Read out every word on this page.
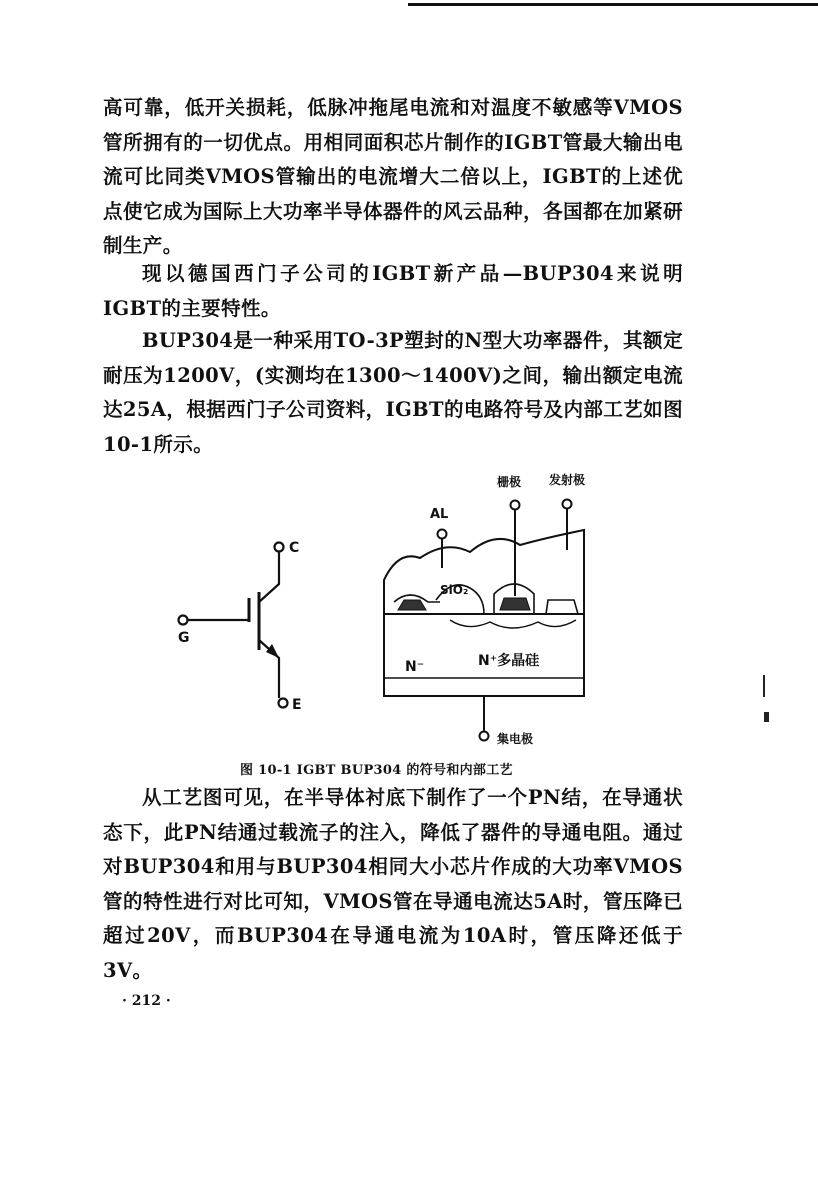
高可靠，低开关损耗，低脉冲拖尾电流和对温度不敏感等VMOS管所拥有的一切优点。用相同面积芯片制作的IGBT管最大输出电流可比同类VMOS管输出的电流增大二倍以上，IGBT的上述优点使它成为国际上大功率半导体器件的风云品种，各国都在加紧研制生产。

现以德国西门子公司的IGBT新产品—BUP304来说明IGBT的主要特性。

BUP304是一种采用TO-3P塑封的N型大功率器件，其额定耐压为1200V，(实测均在1300～1400V)之间，输出额定电流达25A，根据西门子公司资料，IGBT的电路符号及内部工艺如图10-1所示。

C
G
E
AL
栅极 发射极
SiO₂
N⁻	N⁺多晶硅
集电极

图 10-1 IGBT BUP304 的符号和内部工艺

从工艺图可见，在半导体衬底下制作了一个PN结，在导通状态下，此PN结通过载流子的注入，降低了器件的导通电阻。通过对BUP304和用与BUP304相同大小芯片作成的大功率VMOS管的特性进行对比可知，VMOS管在导通电流达5A时，管压降已超过20V，而BUP304在导通电流为10A时，管压降还低于3V。

· 212 ·
